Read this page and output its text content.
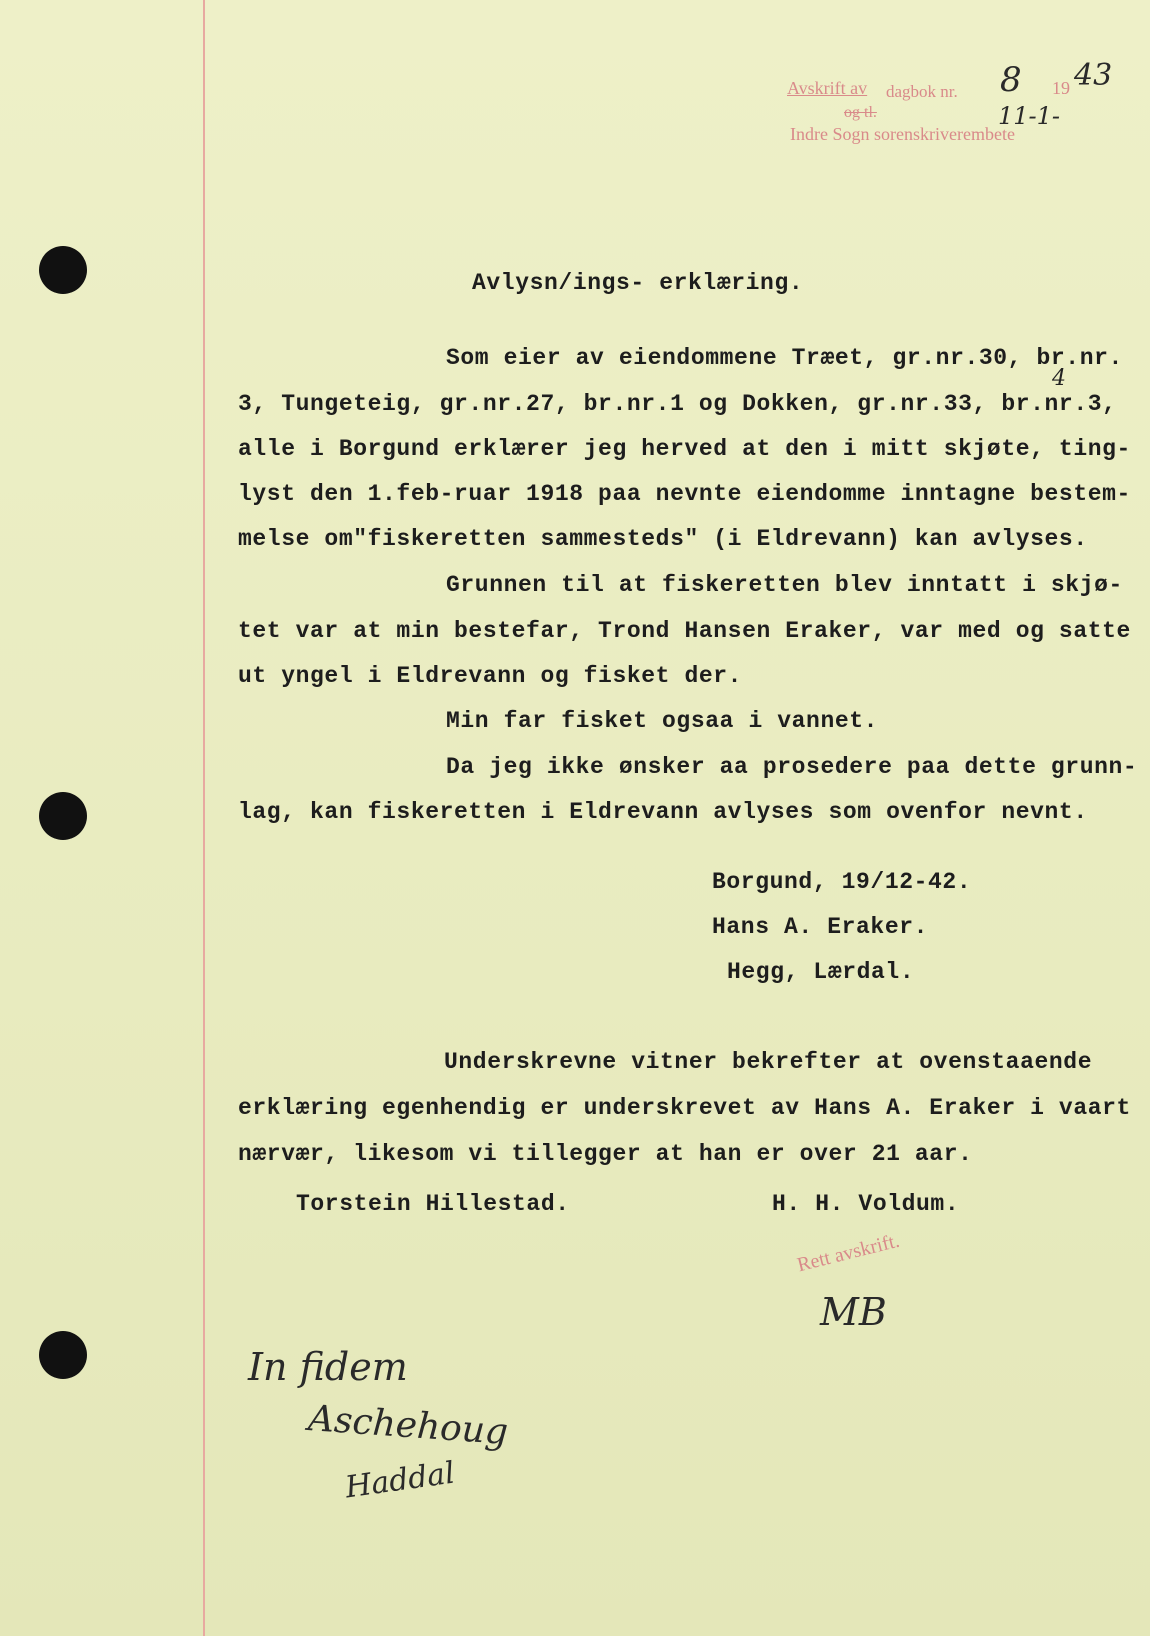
Avskrift av dagbok nr. 8 19 43
og tl.	11-1-
Indre Sogn sorenskriverembete
Avlysn/ings- erklæring.
Som eier av eiendommene Træet, gr.nr.30, br.nr.
4
3, Tungeteig, gr.nr.27, br.nr.1 og Dokken, gr.nr.33, br.nr.3,
alle i Borgund erklærer jeg herved at den i mitt skjøte, ting-
lyst den 1.feb-ruar 1918 paa nevnte eiendomme inntagne bestem-
melse om"fiskeretten sammesteds" (i Eldrevann) kan avlyses.
Grunnen til at fiskeretten blev inntatt i skjø-
tet var at min bestefar, Trond Hansen Eraker, var med og satte
ut yngel i Eldrevann og fisket der.
Min far fisket ogsaa i vannet.
Da jeg ikke ønsker aa prosedere paa dette grunn-
lag, kan fiskeretten i Eldrevann avlyses som ovenfor nevnt.
Borgund, 19/12-42.
Hans A. Eraker.
Hegg, Lærdal.
Underskrevne vitner bekrefter at ovenstaaende
erklæring egenhendig er underskrevet av Hans A. Eraker i vaart
nærvær, likesom vi tillegger at han er over 21 aar.
Torstein Hillestad.	H. H. Voldum.
Rett avskrift.
MB
In fidem
Aschehoug
Haddal
